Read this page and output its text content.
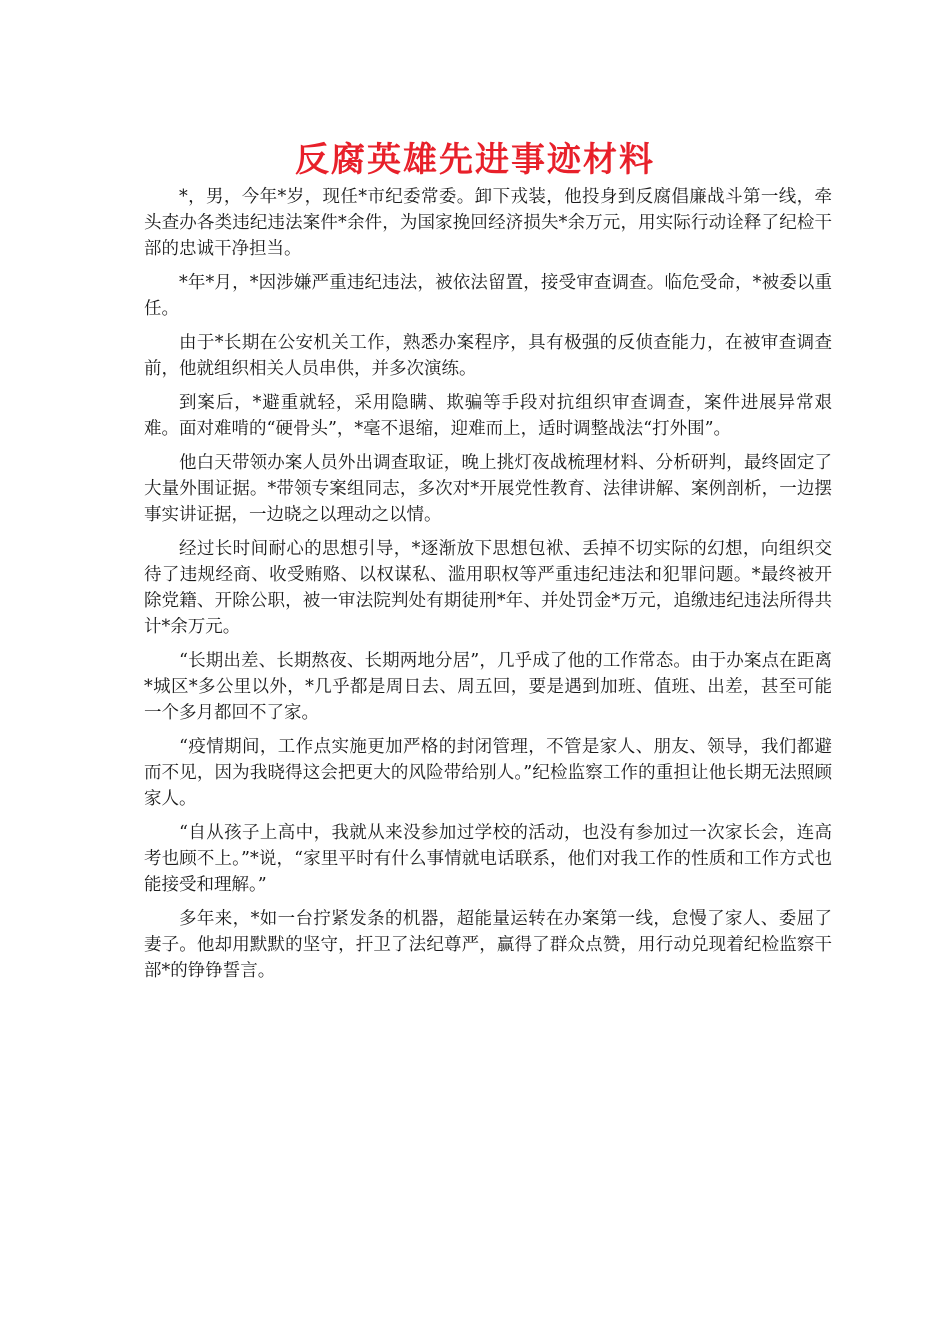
反腐英雄先进事迹材料

*，男，今年*岁，现任*市纪委常委。卸下戎装，他投身到反腐倡廉战斗第一线，牵头查办各类违纪违法案件*余件，为国家挽回经济损失*余万元，用实际行动诠释了纪检干部的忠诚干净担当。

*年*月，*因涉嫌严重违纪违法，被依法留置，接受审查调查。临危受命，*被委以重任。

由于*长期在公安机关工作，熟悉办案程序，具有极强的反侦查能力，在被审查调查前，他就组织相关人员串供，并多次演练。

到案后，*避重就轻，采用隐瞒、欺骗等手段对抗组织审查调查，案件进展异常艰难。面对难啃的“硬骨头”，*毫不退缩，迎难而上，适时调整战法“打外围”。

他白天带领办案人员外出调查取证，晚上挑灯夜战梳理材料、分析研判，最终固定了大量外围证据。*带领专案组同志，多次对*开展党性教育、法律讲解、案例剖析，一边摆事实讲证据，一边晓之以理动之以情。

经过长时间耐心的思想引导，*逐渐放下思想包袱、丢掉不切实际的幻想，向组织交待了违规经商、收受贿赂、以权谋私、滥用职权等严重违纪违法和犯罪问题。*最终被开除党籍、开除公职，被一审法院判处有期徒刑*年、并处罚金*万元，追缴违纪违法所得共计*余万元。

“长期出差、长期熬夜、长期两地分居”，几乎成了他的工作常态。由于办案点在距离*城区*多公里以外，*几乎都是周日去、周五回，要是遇到加班、值班、出差，甚至可能一个多月都回不了家。

“疫情期间，工作点实施更加严格的封闭管理，不管是家人、朋友、领导，我们都避而不见，因为我晓得这会把更大的风险带给别人。”纪检监察工作的重担让他长期无法照顾家人。

“自从孩子上高中，我就从来没参加过学校的活动，也没有参加过一次家长会，连高考也顾不上。”*说，“家里平时有什么事情就电话联系，他们对我工作的性质和工作方式也能接受和理解。”

多年来，*如一台拧紧发条的机器，超能量运转在办案第一线，怠慢了家人、委屈了妻子。他却用默默的坚守，扞卫了法纪尊严，赢得了群众点赞，用行动兑现着纪检监察干部*的铮铮誓言。
